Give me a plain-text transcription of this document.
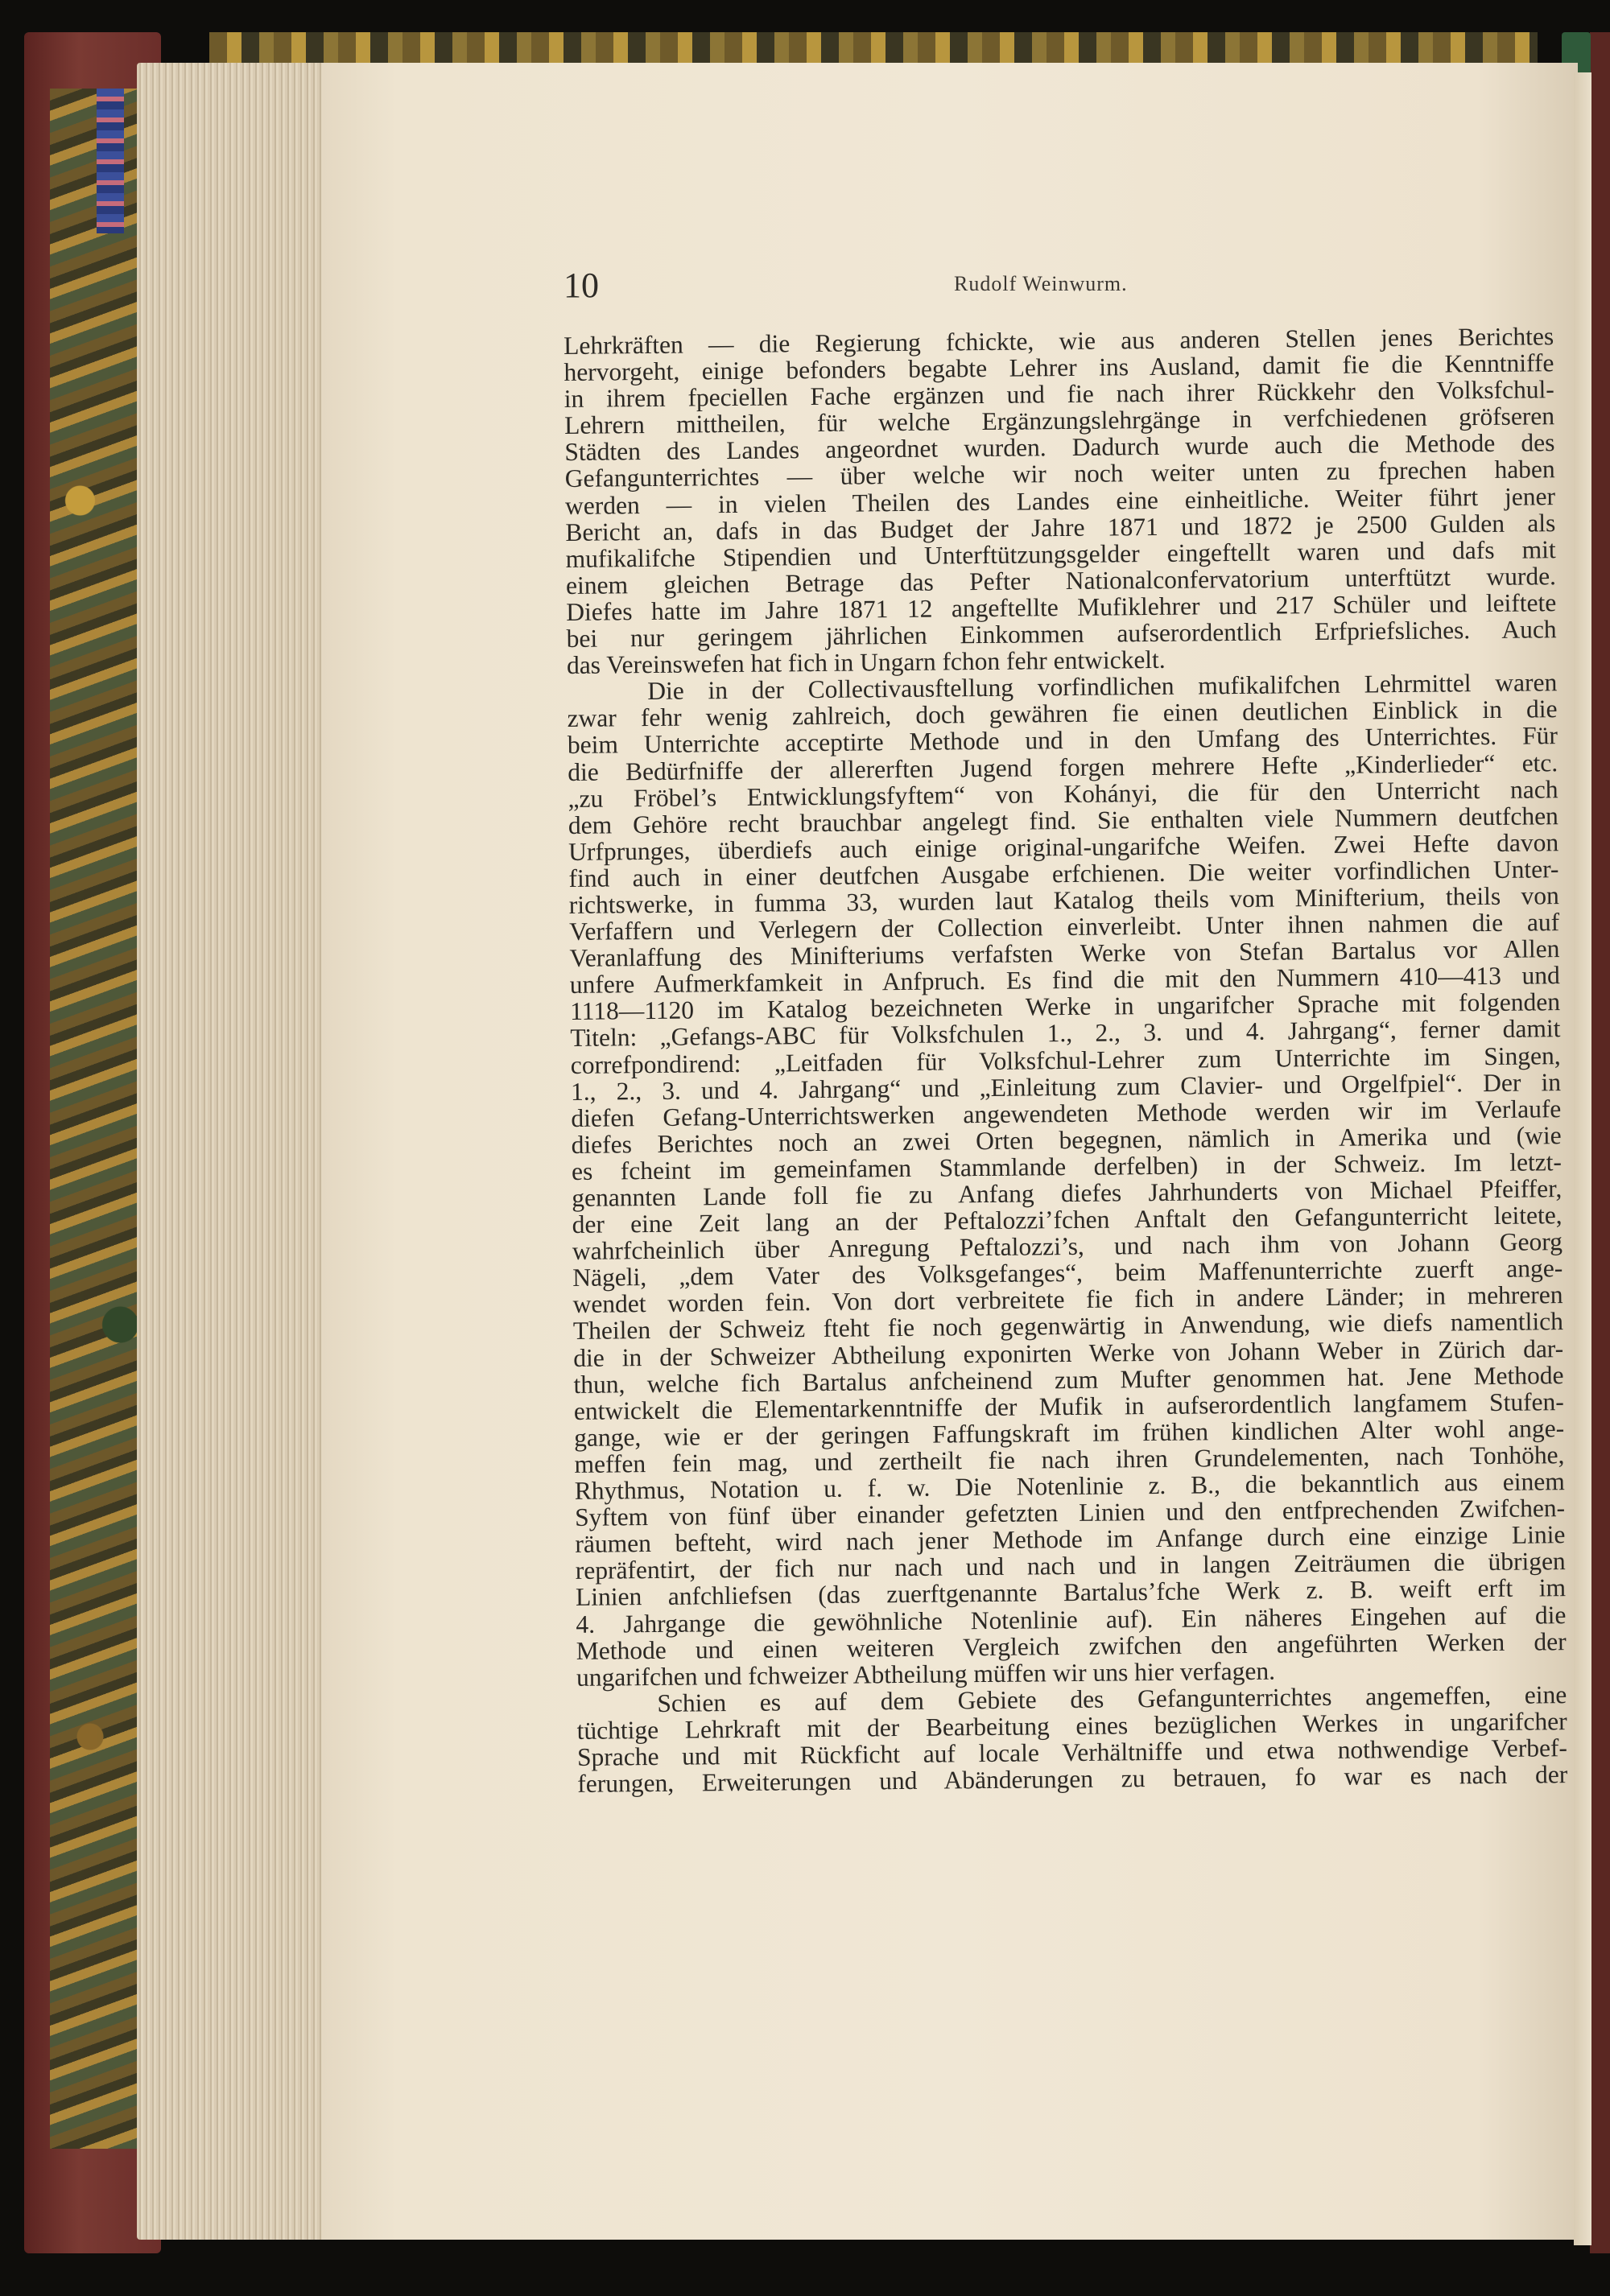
10	Rudolf Weinwurm.
Lehrkräften — die Regierung fchickte, wie aus anderen Stellen jenes Berichtes
hervorgeht, einige befonders begabte Lehrer ins Ausland, damit fie die Kenntniffe
in ihrem fpeciellen Fache ergänzen und fie nach ihrer Rückkehr den Volksfchul-
Lehrern mittheilen, für welche Ergänzungslehrgänge in verfchiedenen gröfseren
Städten des Landes angeordnet wurden. Dadurch wurde auch die Methode des
Gefangunterrichtes — über welche wir noch weiter unten zu fprechen haben
werden — in vielen Theilen des Landes eine einheitliche. Weiter führt jener
Bericht an, dafs in das Budget der Jahre 1871 und 1872 je 2500 Gulden als
mufikalifche Stipendien und Unterftützungsgelder eingeftellt waren und dafs mit
einem gleichen Betrage das Pefter Nationalconfervatorium unterftützt wurde.
Diefes hatte im Jahre 1871 12 angeftellte Mufiklehrer und 217 Schüler und leiftete
bei nur geringem jährlichen Einkommen aufserordentlich Erfpriefsliches. Auch
das Vereinswefen hat fich in Ungarn fchon fehr entwickelt.
Die in der Collectivausftellung vorfindlichen mufikalifchen Lehrmittel waren
zwar fehr wenig zahlreich, doch gewähren fie einen deutlichen Einblick in die
beim Unterrichte acceptirte Methode und in den Umfang des Unterrichtes. Für
die Bedürfniffe der allererften Jugend forgen mehrere Hefte „Kinderlieder“ etc.
„zu Fröbel’s Entwicklungsfyftem“ von Kohányi, die für den Unterricht nach
dem Gehöre recht brauchbar angelegt find. Sie enthalten viele Nummern deutfchen
Urfprunges, überdiefs auch einige original-ungarifche Weifen. Zwei Hefte davon
find auch in einer deutfchen Ausgabe erfchienen. Die weiter vorfindlichen Unter-
richtswerke, in fumma 33, wurden laut Katalog theils vom Minifterium, theils von
Verfaffern und Verlegern der Collection einverleibt. Unter ihnen nahmen die auf
Veranlaffung des Minifteriums verfafsten Werke von Stefan Bartalus vor Allen
unfere Aufmerkfamkeit in Anfpruch. Es find die mit den Nummern 410—413 und
1118—1120 im Katalog bezeichneten Werke in ungarifcher Sprache mit folgenden
Titeln: „Gefangs-ABC für Volksfchulen 1., 2., 3. und 4. Jahrgang“, ferner damit
correfpondirend: „Leitfaden für Volksfchul-Lehrer zum Unterrichte im Singen,
1., 2., 3. und 4. Jahrgang“ und „Einleitung zum Clavier- und Orgelfpiel“. Der in
diefen Gefang-Unterrichtswerken angewendeten Methode werden wir im Verlaufe
diefes Berichtes noch an zwei Orten begegnen, nämlich in Amerika und (wie
es fcheint im gemeinfamen Stammlande derfelben) in der Schweiz. Im letzt-
genannten Lande foll fie zu Anfang diefes Jahrhunderts von Michael Pfeiffer,
der eine Zeit lang an der Peftalozzi’fchen Anftalt den Gefangunterricht leitete,
wahrfcheinlich über Anregung Peftalozzi’s, und nach ihm von Johann Georg
Nägeli, „dem Vater des Volksgefanges“, beim Maffenunterrichte zuerft ange-
wendet worden fein. Von dort verbreitete fie fich in andere Länder; in mehreren
Theilen der Schweiz fteht fie noch gegenwärtig in Anwendung, wie diefs namentlich
die in der Schweizer Abtheilung exponirten Werke von Johann Weber in Zürich dar-
thun, welche fich Bartalus anfcheinend zum Mufter genommen hat. Jene Methode
entwickelt die Elementarkenntniffe der Mufik in aufserordentlich langfamem Stufen-
gange, wie er der geringen Faffungskraft im frühen kindlichen Alter wohl ange-
meffen fein mag, und zertheilt fie nach ihren Grundelementen, nach Tonhöhe,
Rhythmus, Notation u. f. w. Die Notenlinie z. B., die bekanntlich aus einem
Syftem von fünf über einander gefetzten Linien und den entfprechenden Zwifchen-
räumen befteht, wird nach jener Methode im Anfange durch eine einzige Linie
repräfentirt, der fich nur nach und nach und in langen Zeiträumen die übrigen
Linien anfchliefsen (das zuerftgenannte Bartalus’fche Werk z. B. weift erft im
4. Jahrgange die gewöhnliche Notenlinie auf). Ein näheres Eingehen auf die
Methode und einen weiteren Vergleich zwifchen den angeführten Werken der
ungarifchen und fchweizer Abtheilung müffen wir uns hier verfagen.
Schien es auf dem Gebiete des Gefangunterrichtes angemeffen, eine
tüchtige Lehrkraft mit der Bearbeitung eines bezüglichen Werkes in ungarifcher
Sprache und mit Rückficht auf locale Verhältniffe und etwa nothwendige Verbef-
ferungen, Erweiterungen und Abänderungen zu betrauen, fo war es nach der
